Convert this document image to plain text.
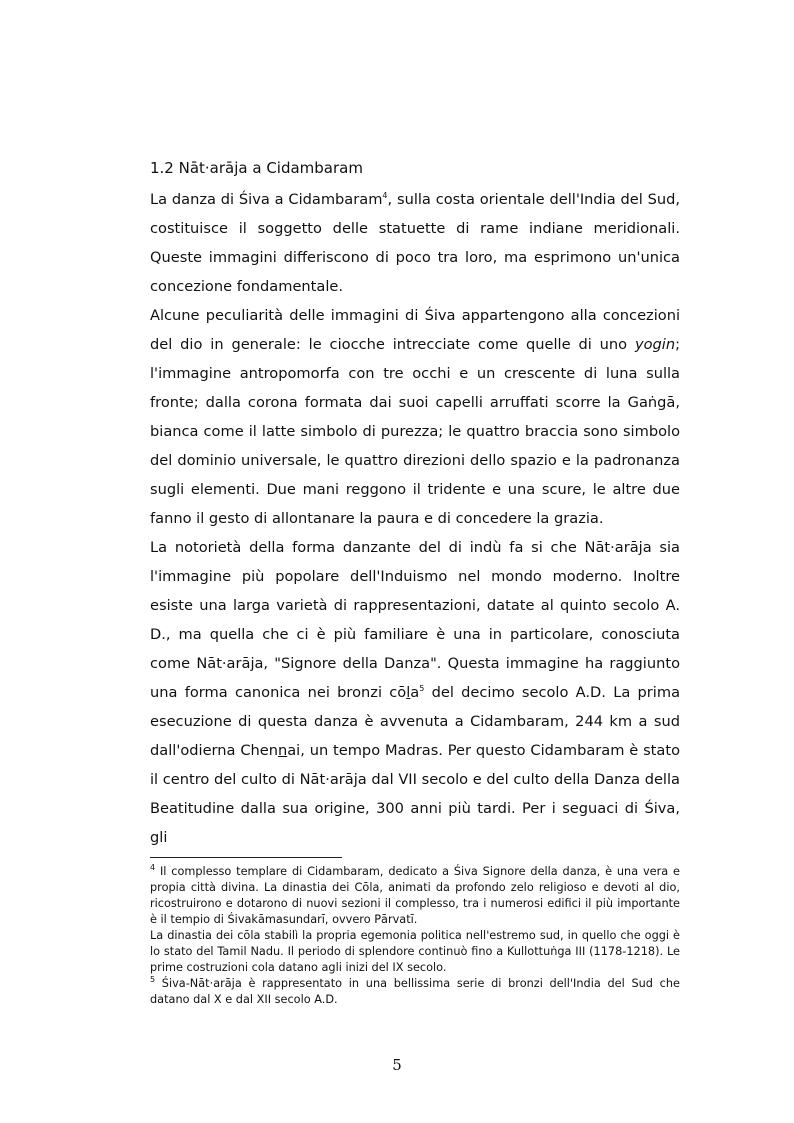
1.2 Nāt·arāja a Cidambaram

La danza di Śiva a Cidambaram$^4$, sulla costa orientale dell'India del Sud, costituisce il soggetto delle statuette di rame indiane meridionali. Queste immagini differiscono di poco tra loro, ma esprimono un'unica concezione fondamentale.

Alcune peculiarità delle immagini di Śiva appartengono alla concezioni del dio in generale: le ciocche intrecciate come quelle di uno yogin; l'immagine antropomorfa con tre occhi e un crescente di luna sulla fronte; dalla corona formata dai suoi capelli arruffati scorre la Gaṅgā, bianca come il latte simbolo di purezza; le quattro braccia sono simbolo del dominio universale, le quattro direzioni dello spazio e la padronanza sugli elementi. Due mani reggono il tridente e una scure, le altre due fanno il gesto di allontanare la paura e di concedere la grazia.

La notorietà della forma danzante del di indù fa si che Nāt·arāja sia l'immagine più popolare dell'Induismo nel mondo moderno. Inoltre esiste una larga varietà di rappresentazioni, datate al quinto secolo A. D., ma quella che ci è più familiare è una in particolare, conosciuta come Nāt·arāja, "Signore della Danza". Questa immagine ha raggiunto una forma canonica nei bronzi cōla$^5$ del decimo secolo A.D. La prima esecuzione di questa danza è avvenuta a Cidambaram, 244 km a sud dall'odierna Chennai, un tempo Madras. Per questo Cidambaram è stato il centro del culto di Nāt·arāja dal VII secolo e del culto della Danza della Beatitudine dalla sua origine, 300 anni più tardi. Per i seguaci di Śiva, gli

$^4$ Il complesso templare di Cidambaram, dedicato a Śiva Signore della danza, è una vera e propia città divina. La dinastia dei Cōla, animati da profondo zelo religioso e devoti al dio, ricostruirono e dotarono di nuovi sezioni il complesso, tra i numerosi edifici il più importante è il tempio di Śivakāmasundarī, ovvero Pārvatī.

La dinastia dei cōla stabilì la propria egemonia politica nell'estremo sud, in quello che oggi è lo stato del Tamil Nadu. Il periodo di splendore continuò fino a Kullottuṅga III (1178-1218). Le prime costruzioni cola datano agli inizi del IX secolo.

$^5$ Śiva-Nāt·arāja è rappresentato in una bellissima serie di bronzi dell'India del Sud che datano dal X e dal XII secolo A.D.

5
